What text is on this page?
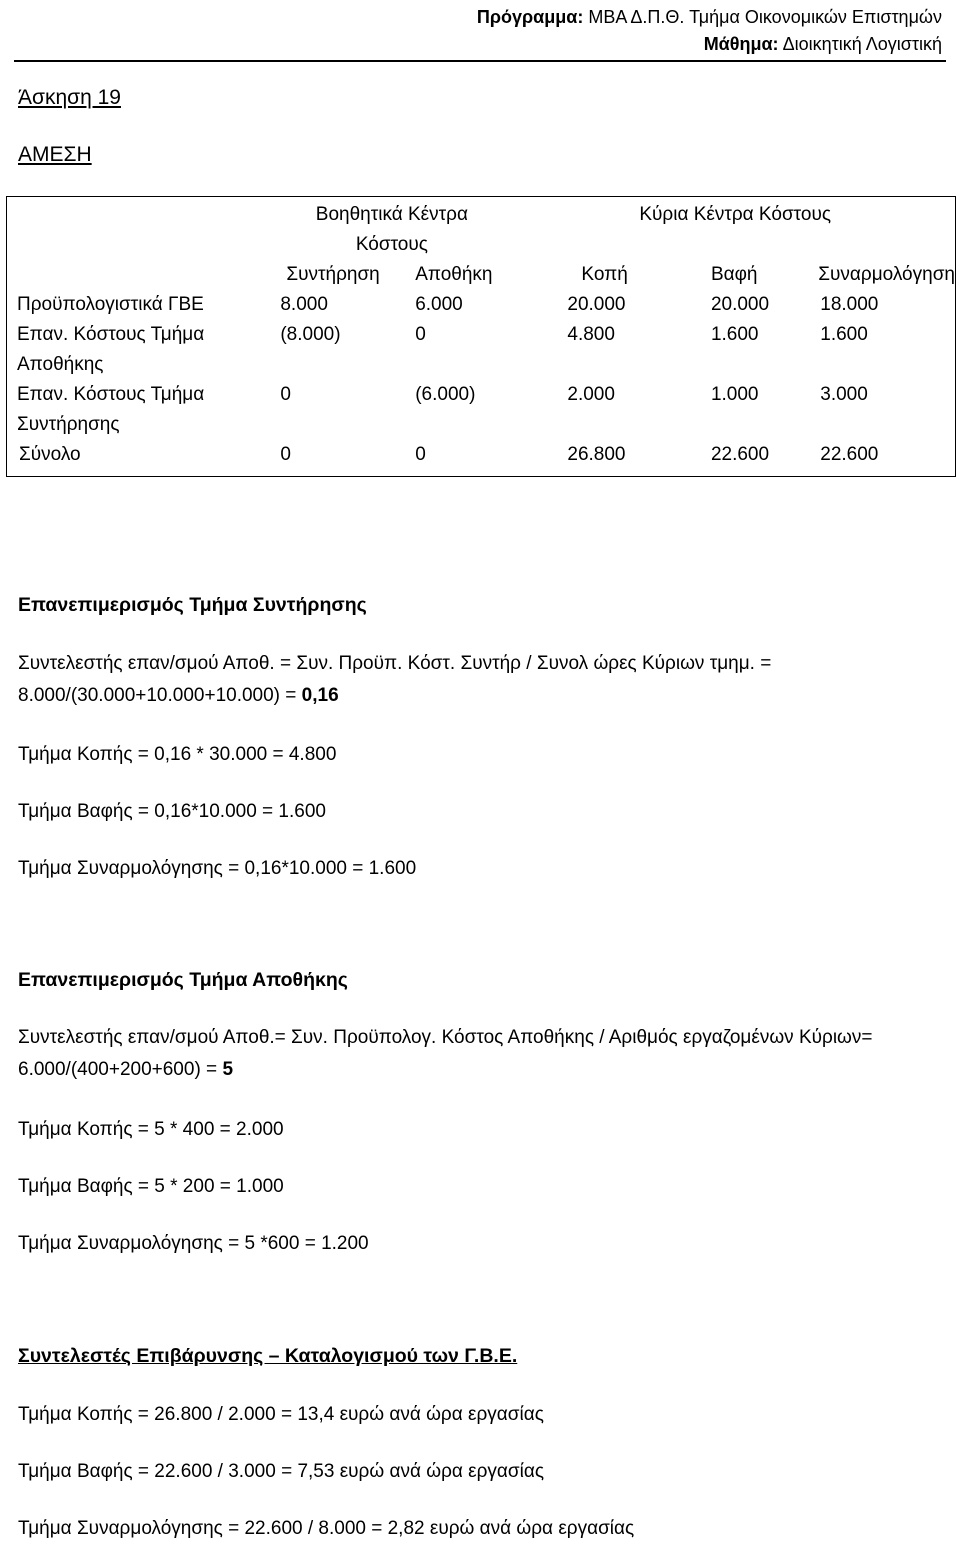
Πρόγραμμα: ΜΒΑ Δ.Π.Θ. Τμήμα Οικονομικών Επιστημών
Μάθημα: Διοικητική Λογιστική
Άσκηση 19
ΑΜΕΣΗ
	Βοηθητικά Κέντρα Κόστους		Κύρια Κέντρα Κόστους		
	Συντήρηση	Αποθήκη	Κοπή	Βαφή	Συναρμολόγηση
Προϋπολογιστικά ΓΒΕ	8.000	6.000	20.000	20.000	18.000
Επαν. Κόστους Τμήμα Αποθήκης	(8.000)	0	4.800	1.600	1.600
Επαν. Κόστους Τμήμα Συντήρησης	0	(6.000)	2.000	1.000	3.000
Σύνολο	0	0	26.800	22.600	22.600
Επανεπιμερισμός Τμήμα Συντήρησης
Συντελεστής επαν/σμού Αποθ. = Συν. Προϋπ. Κόστ. Συντήρ / Συνολ ώρες Κύριων τμημ. = 8.000/(30.000+10.000+10.000) = 0,16
Τμήμα Κοπής = 0,16 * 30.000 = 4.800
Τμήμα Βαφής = 0,16*10.000 = 1.600
Τμήμα Συναρμολόγησης = 0,16*10.000 = 1.600
Επανεπιμερισμός Τμήμα Αποθήκης
Συντελεστής επαν/σμού Αποθ.= Συν. Προϋπολογ. Κόστος Αποθήκης / Αριθμός εργαζομένων Κύριων= 6.000/(400+200+600) = 5
Τμήμα Κοπής = 5 * 400 = 2.000
Τμήμα Βαφής = 5 * 200 = 1.000
Τμήμα Συναρμολόγησης = 5 *600 = 1.200
Συντελεστές Επιβάρυνσης – Καταλογισμού των Γ.Β.Ε.
Τμήμα Κοπής = 26.800 / 2.000 = 13,4 ευρώ ανά ώρα εργασίας
Τμήμα Βαφής = 22.600 / 3.000 = 7,53 ευρώ ανά ώρα εργασίας
Τμήμα Συναρμολόγησης = 22.600 / 8.000 = 2,82 ευρώ ανά ώρα εργασίας
